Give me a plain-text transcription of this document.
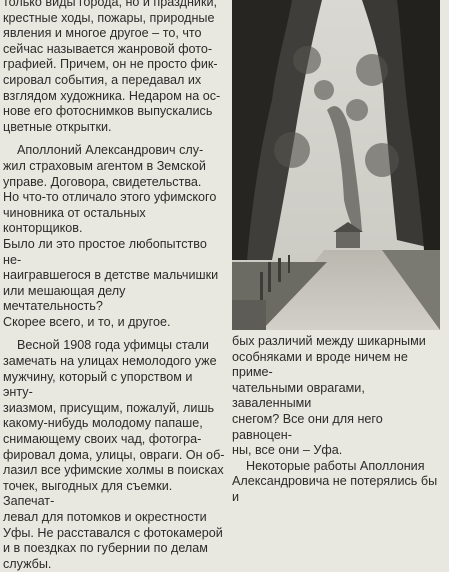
только виды города, но и праздники,

крестные ходы, пожары, природные

явления и многое другое – то, что

сейчас называется жанровой фото-

графией. Причем, он не просто фик-

сировал события, а передавал их

взглядом художника. Недаром на ос-

нове его фотоснимков выпускались

цветные открытки.

Аполлоний Александрович слу-

жил страховым агентом в Земской

управе. Договора, свидетельства.

Но что-то отличало этого уфимского

чиновника от остальных конторщиков.

Было ли это простое любопытство не-

наигравшегося в детстве мальчишки

или мешающая делу мечтательность?

Скорее всего, и то, и другое.

Весной 1908 года уфимцы стали

замечать на улицах немолодого уже

мужчину, который с упорством и энту-

зиазмом, присущим, пожалуй, лишь

какому-нибудь молодому папаше,

снимающему своих чад, фотогра-

фировал дома, улицы, овраги. Он об-

лазил все уфимские холмы в поисках

точек, выгодных для съемки. Запечат-

левал для потомков и окрестности

Уфы. Не расставался с фотокамерой

и в поездках по губернии по делам

службы.

бых различий между шикарными

особняками и вроде ничем не приме-

чательными оврагами, заваленными

снегом? Все они для него равноцен-

ны, все они – Уфа.

Некоторые работы Аполлония

Александровича не потерялись бы и
